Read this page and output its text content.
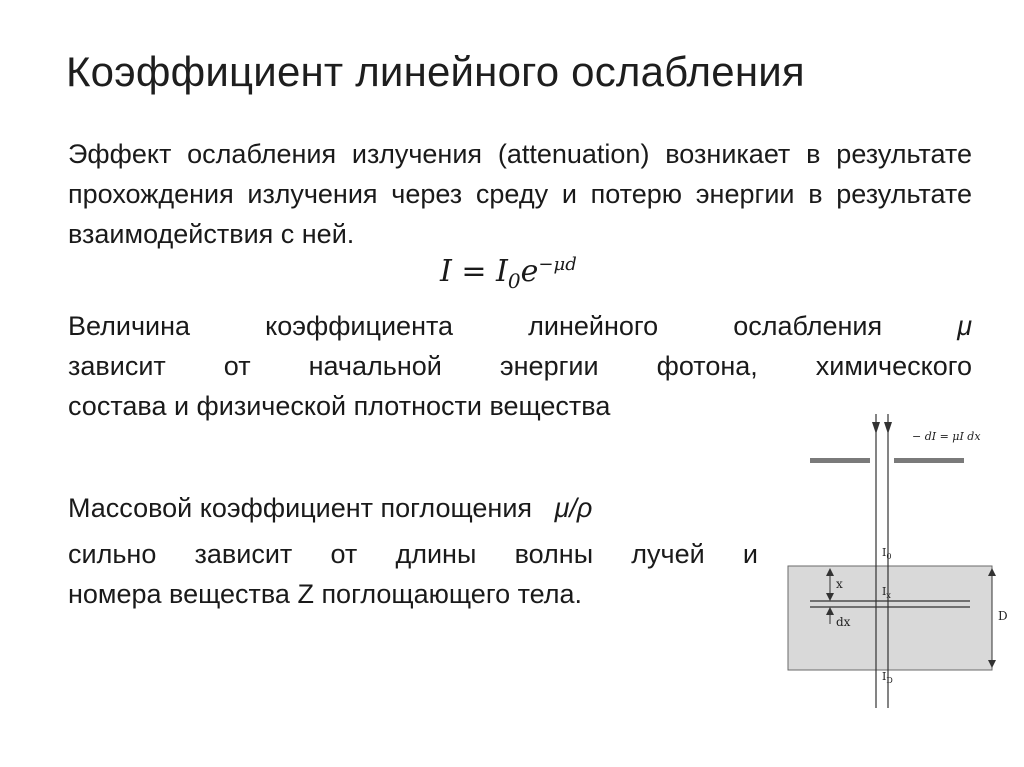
Коэффициент линейного ослабления
Эффект ослабления излучения (attenuation) возникает в результате прохождения излучения через среду и потерю энергии в результате взаимодействия с ней.
$I = I_0e^{-\mu d}$
Величина коэффициента линейного ослабления	μ
зависит от начальной энергии фотона, химического
состава и физической плотности вещества
Массовой коэффициент поглощения μ/ρ
сильно зависит от длины волны лучей и
номера вещества Z поглощающего тела.
− dI = μI dx
$I_0$
$I_x$
$I_D$
x
dx	D
